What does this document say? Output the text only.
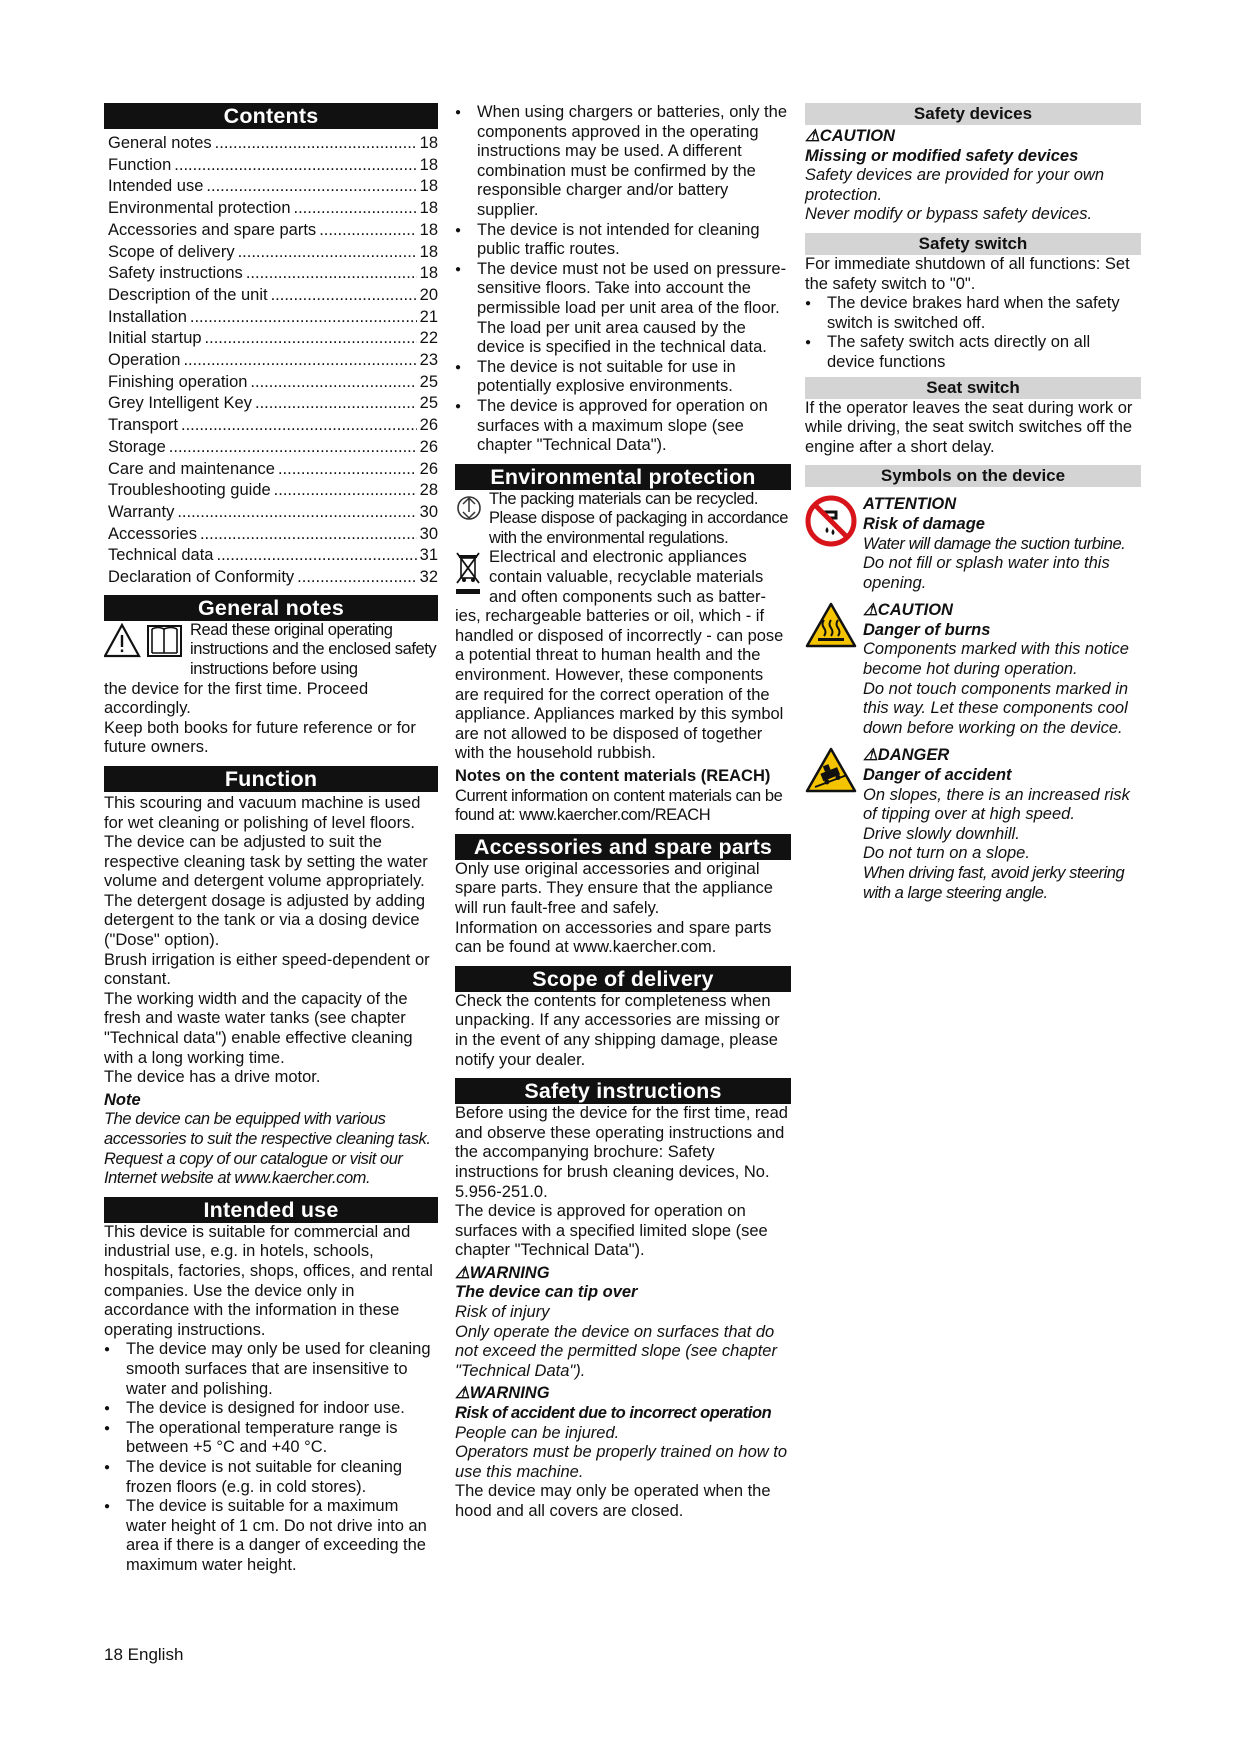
Contents
General notes .....	18
Function .....	18
Intended use .....	18
Environmental protection .....	18
Accessories and spare parts .....	18
Scope of delivery .....	18
Safety instructions .....	18
Description of the unit .....	20
Installation .....	21
Initial startup .....	22
Operation .....	23
Finishing operation .....	25
Grey Intelligent Key .....	25
Transport .....	26
Storage .....	26
Care and maintenance .....	26
Troubleshooting guide .....	28
Warranty .....	30
Accessories .....	30
Technical data .....	31
Declaration of Conformity .....	32
General notes

Read these original operating instructions and the enclosed safety instructions before using

the device for the first time. Proceed accordingly.

Keep both books for future reference or for future owners.

Function

This scouring and vacuum machine is used for wet cleaning or polishing of level floors.

The device can be adjusted to suit the respective cleaning task by setting the water volume and detergent volume appropriately. The detergent dosage is adjusted by adding detergent to the tank or via a dosing device ("Dose" option).

Brush irrigation is either speed-dependent or constant.

The working width and the capacity of the fresh and waste water tanks (see chapter "Technical data") enable effective cleaning with a long working time.

The device has a drive motor.

Note

The device can be equipped with various accessories to suit the respective cleaning task. Request a copy of our catalogue or visit our Internet website at www.kaercher.com.

Intended use

This device is suitable for commercial and industrial use, e.g. in hotels, schools, hospitals, factories, shops, offices, and rental companies. Use the device only in accordance with the information in these operating instructions.

● The device may only be used for cleaning smooth surfaces that are insensitive to water and polishing.
● The device is designed for indoor use.
● The operational temperature range is between +5 °C and +40 °C.
● The device is not suitable for cleaning frozen floors (e.g. in cold stores).
● The device is suitable for a maximum water height of 1 cm. Do not drive into an area if there is a danger of exceeding the maximum water height.
● When using chargers or batteries, only the components approved in the operating instructions may be used. A different combination must be confirmed by the responsible charger and/or battery supplier.
● The device is not intended for cleaning public traffic routes.
● The device must not be used on pressure-sensitive floors. Take into account the permissible load per unit area of the floor. The load per unit area caused by the device is specified in the technical data.
● The device is not suitable for use in potentially explosive environments.
● The device is approved for operation on surfaces with a maximum slope (see chapter "Technical Data").
Environmental protection

The packing materials can be recycled. Please dispose of packaging in accordance with the environmental regulations.

Electrical and electronic appliances contain valuable, recyclable materials and often components such as batter-

ies, rechargeable batteries or oil, which - if handled or disposed of incorrectly - can pose a potential threat to human health and the environment. However, these components are required for the correct operation of the appliance. Appliances marked by this symbol are not allowed to be disposed of together with the household rubbish.

Notes on the content materials (REACH)

Current information on content materials can be found at: www.kaercher.com/REACH

Accessories and spare parts

Only use original accessories and original spare parts. They ensure that the appliance will run fault-free and safely.

Information on accessories and spare parts can be found at www.kaercher.com.

Scope of delivery

Check the contents for completeness when unpacking. If any accessories are missing or in the event of any shipping damage, please notify your dealer.

Safety instructions

Before using the device for the first time, read and observe these operating instructions and the accompanying brochure: Safety instructions for brush cleaning devices, No. 5.956-251.0.

The device is approved for operation on surfaces with a specified limited slope (see chapter "Technical Data").

⚠WARNING

The device can tip over

Risk of injury

Only operate the device on surfaces that do not exceed the permitted slope (see chapter "Technical Data").

⚠WARNING

Risk of accident due to incorrect operation

People can be injured.

Operators must be properly trained on how to use this machine.

The device may only be operated when the hood and all covers are closed.

Safety devices

⚠CAUTION

Missing or modified safety devices

Safety devices are provided for your own protection.

Never modify or bypass safety devices.

Safety switch

For immediate shutdown of all functions: Set the safety switch to "0".

● The device brakes hard when the safety switch is switched off.
● The safety switch acts directly on all device functions
Seat switch

If the operator leaves the seat during work or while driving, the seat switch switches off the engine after a short delay.

Symbols on the device

ATTENTION

Risk of damage

Water will damage the suction turbine.

Do not fill or splash water into this opening.

⚠CAUTION

Danger of burns

Components marked with this notice become hot during operation.

Do not touch components marked in this way. Let these components cool down before working on the device.

⚠DANGER

Danger of accident

On slopes, there is an increased risk of tipping over at high speed.

Drive slowly downhill.

Do not turn on a slope.

When driving fast, avoid jerky steering with a large steering angle.

18 English
